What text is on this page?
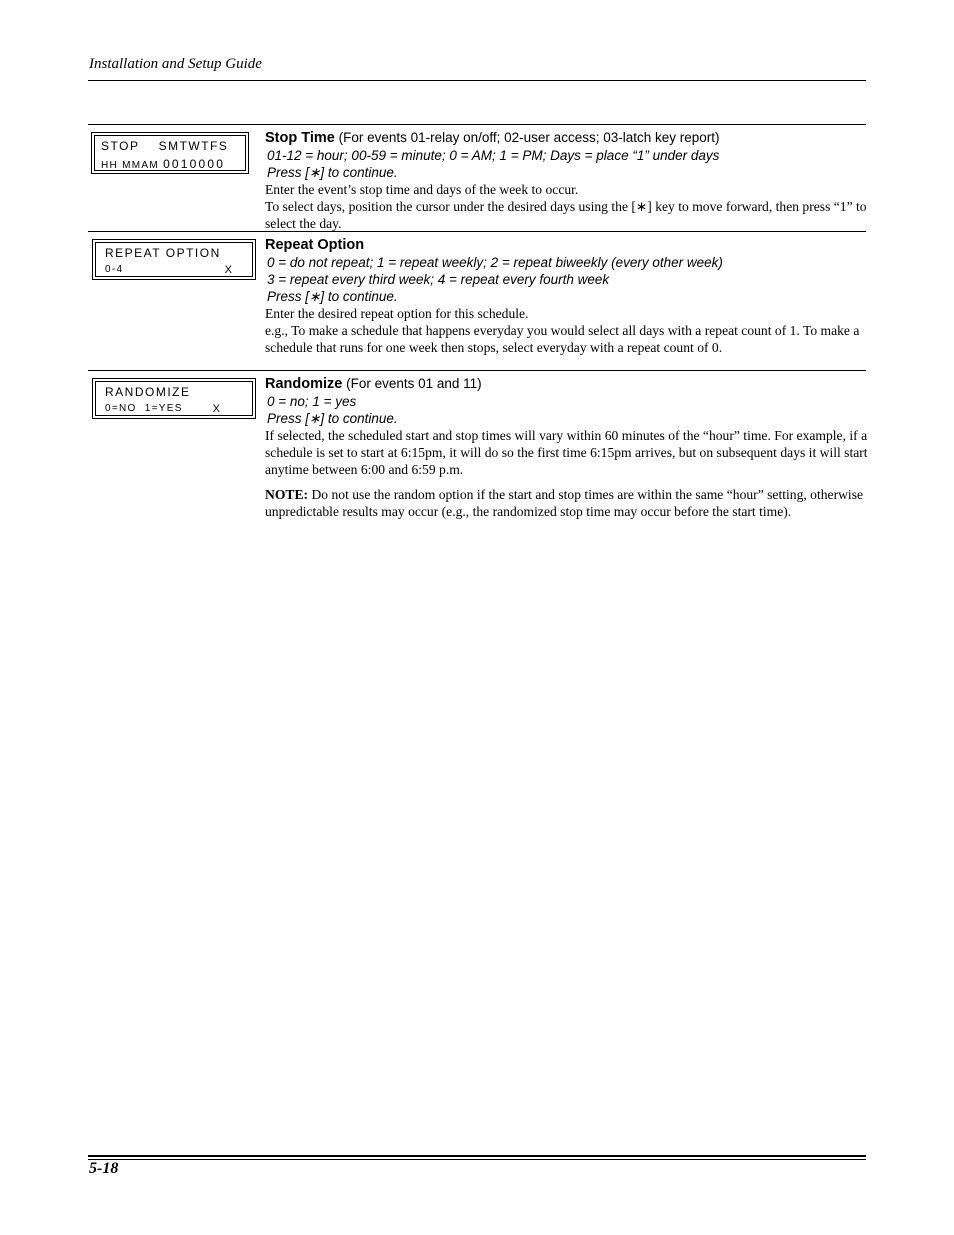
Installation and Setup Guide
STOP    SMTWTFS
HH MMAM 0010000
Stop Time (For events 01-relay on/off; 02-user access; 03-latch key report)
01-12 = hour; 00-59 = minute; 0 = AM; 1 = PM; Days = place “1” under days
Press [∗] to continue.

Enter the event’s stop time and days of the week to occur.

To select days, position the cursor under the desired days using the [∗] key to move forward, then press “1” to select the day.

REPEAT OPTION
0-4	X
Repeat Option
0 = do not repeat; 1 = repeat weekly; 2 = repeat biweekly (every other week)
3 = repeat every third week; 4 = repeat every fourth week
Press [∗] to continue.

Enter the desired repeat option for this schedule.

e.g., To make a schedule that happens everyday you would select all days with a repeat count of 1. To make a schedule that runs for one week then stops, select everyday with a repeat count of 0.

RANDOMIZE
0=NO  1=YES	X
Randomize (For events 01 and 11)
0 = no; 1 = yes
Press [∗] to continue.

If selected, the scheduled start and stop times will vary within 60 minutes of the “hour” time. For example, if a schedule is set to start at 6:15pm, it will do so the first time 6:15pm arrives, but on subsequent days it will start anytime between 6:00 and 6:59 p.m.

NOTE: Do not use the random option if the start and stop times are within the same “hour” setting, otherwise unpredictable results may occur (e.g., the randomized stop time may occur before the start time).

5-18
